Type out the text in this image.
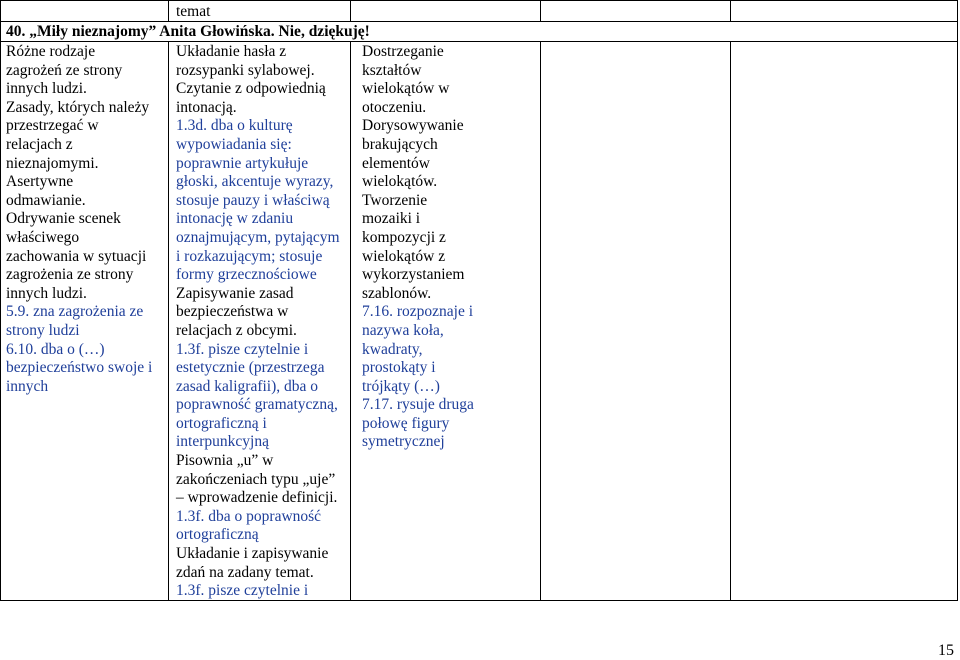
temat
40. „Miły nieznajomy” Anita Głowińska. Nie, dziękuję!
Różne rodzaje
zagrożeń ze strony
innych ludzi.
Zasady, których należy
przestrzegać w
relacjach z
nieznajomymi.
Asertywne
odmawianie.
Odrywanie scenek
właściwego
zachowania w sytuacji
zagrożenia ze strony
innych ludzi.
5.9. zna zagrożenia ze
strony ludzi
6.10. dba o (…)
bezpieczeństwo swoje i
innych
Układanie hasła z
rozsypanki sylabowej.
Czytanie z odpowiednią
intonacją.
1.3d. dba o kulturę
wypowiadania się:
poprawnie artykułuje
głoski, akcentuje wyrazy,
stosuje pauzy i właściwą
intonację w zdaniu
oznajmującym, pytającym
i rozkazującym; stosuje
formy grzecznościowe
Zapisywanie zasad
bezpieczeństwa w
relacjach z obcymi.
1.3f. pisze czytelnie i
estetycznie (przestrzega
zasad kaligrafii), dba o
poprawność gramatyczną,
ortograficzną i
interpunkcyjną
Pisownia „u” w
zakończeniach typu „uje”
– wprowadzenie definicji.
1.3f. dba o poprawność
ortograficzną
Układanie i zapisywanie
zdań na zadany temat.
1.3f. pisze czytelnie i
Dostrzeganie
kształtów
wielokątów w
otoczeniu.
Dorysowywanie
brakujących
elementów
wielokątów.
Tworzenie
mozaiki i
kompozycji z
wielokątów z
wykorzystaniem
szablonów.
7.16. rozpoznaje i
nazywa koła,
kwadraty,
prostokąty i
trójkąty (…)
7.17. rysuje druga
połowę figury
symetrycznej
15
